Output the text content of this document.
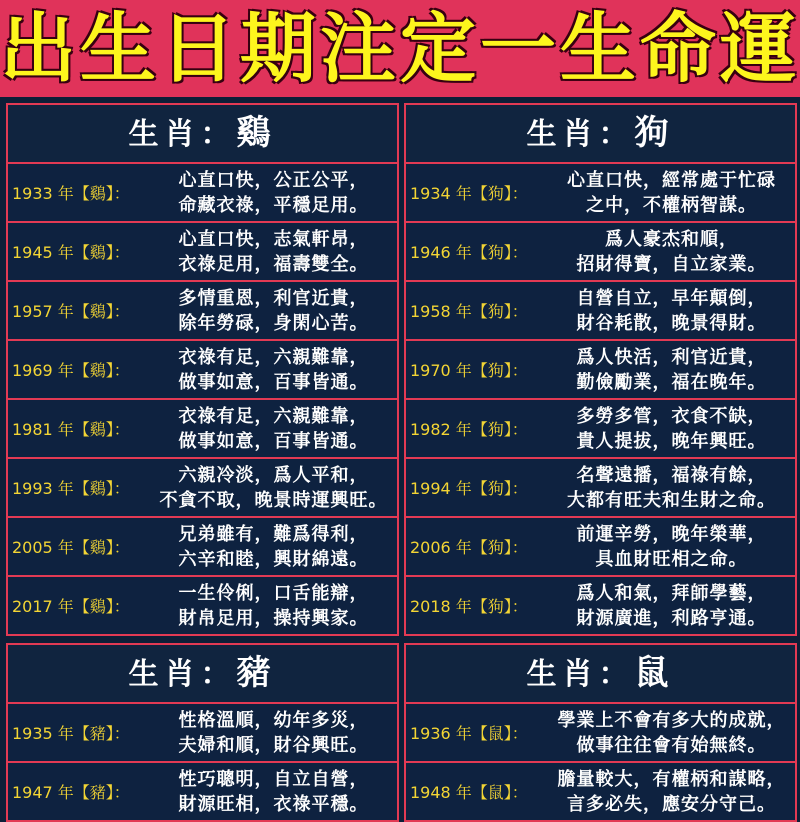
出生日期注定一生命運
生肖：鷄
1933 年【鷄】：
心直口快，公正公平，
命藏衣祿，平穩足用。
1945 年【鷄】：
心直口快，志氣軒昂，
衣祿足用，福壽雙全。
1957 年【鷄】：
多情重恩，利官近貴，
除年勞碌，身閑心苦。
1969 年【鷄】：
衣祿有足，六親難靠，
做事如意，百事皆通。
1981 年【鷄】：
衣祿有足，六親難靠，
做事如意，百事皆通。
1993 年【鷄】：
六親冷淡，爲人平和，
不貪不取，晚景時運興旺。
2005 年【鷄】：
兄弟雖有，難爲得利，
六辛和睦，興財綿遠。
2017 年【鷄】：
一生伶俐，口舌能辯，
財帛足用，操持興家。
生肖：狗
1934 年【狗】：
心直口快，經常處于忙碌
之中，不權柄智謀。
1946 年【狗】：
爲人豪杰和順，
招財得寶，自立家業。
1958 年【狗】：
自營自立，早年顛倒，
財谷耗散，晚景得財。
1970 年【狗】：
爲人快活，利官近貴，
勤儉勵業，福在晚年。
1982 年【狗】：
多勞多管，衣食不缺，
貴人提拔，晚年興旺。
1994 年【狗】：
名聲遠播，福祿有餘，
大都有旺夫和生財之命。
2006 年【狗】：
前運辛勞，晚年榮華，
具血財旺相之命。
2018 年【狗】：
爲人和氣，拜師學藝，
財源廣進，利路亨通。
生肖：豬
1935 年【豬】：
性格溫順，幼年多災，
夫婦和順，財谷興旺。
1947 年【豬】：
性巧聰明，自立自營，
財源旺相，衣祿平穩。
生肖：鼠
1936 年【鼠】：
學業上不會有多大的成就，
做事往往會有始無終。
1948 年【鼠】：
膽量較大，有權柄和謀略，
言多必失，應安分守己。
